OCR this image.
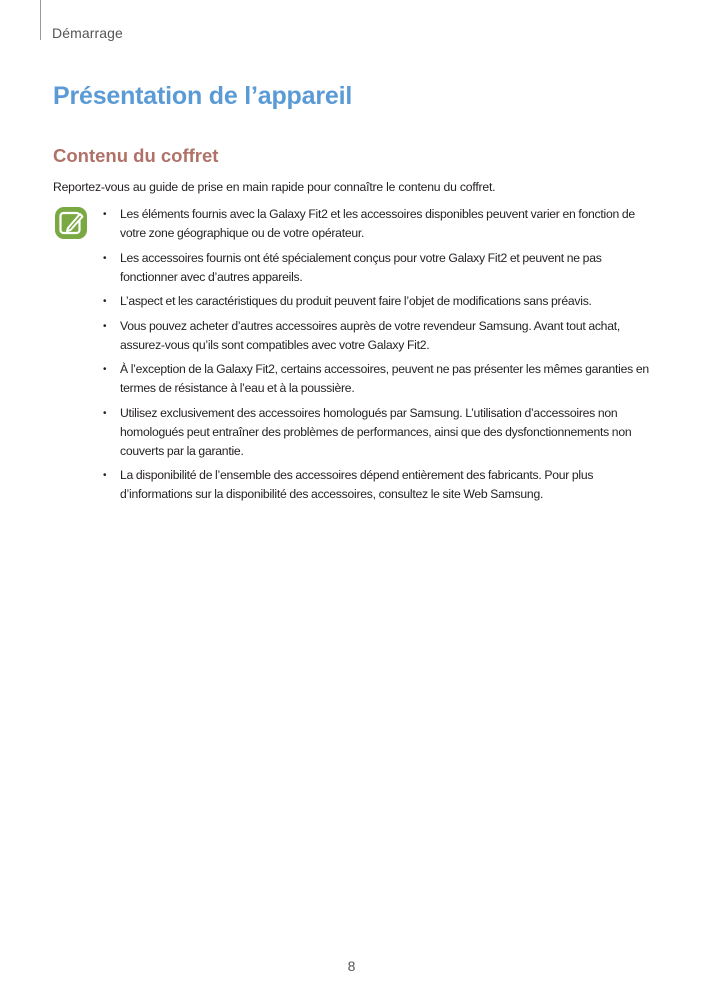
Démarrage
Présentation de l’appareil
Contenu du coffret
Reportez-vous au guide de prise en main rapide pour connaître le contenu du coffret.
• Les éléments fournis avec la Galaxy Fit2 et les accessoires disponibles peuvent varier en fonction de votre zone géographique ou de votre opérateur.
• Les accessoires fournis ont été spécialement conçus pour votre Galaxy Fit2 et peuvent ne pas fonctionner avec d’autres appareils.
• L’aspect et les caractéristiques du produit peuvent faire l’objet de modifications sans préavis.
• Vous pouvez acheter d’autres accessoires auprès de votre revendeur Samsung. Avant tout achat, assurez-vous qu’ils sont compatibles avec votre Galaxy Fit2.
• À l’exception de la Galaxy Fit2, certains accessoires, peuvent ne pas présenter les mêmes garanties en termes de résistance à l’eau et à la poussière.
• Utilisez exclusivement des accessoires homologués par Samsung. L’utilisation d’accessoires non homologués peut entraîner des problèmes de performances, ainsi que des dysfonctionnements non couverts par la garantie.
• La disponibilité de l’ensemble des accessoires dépend entièrement des fabricants. Pour plus d’informations sur la disponibilité des accessoires, consultez le site Web Samsung.
8
